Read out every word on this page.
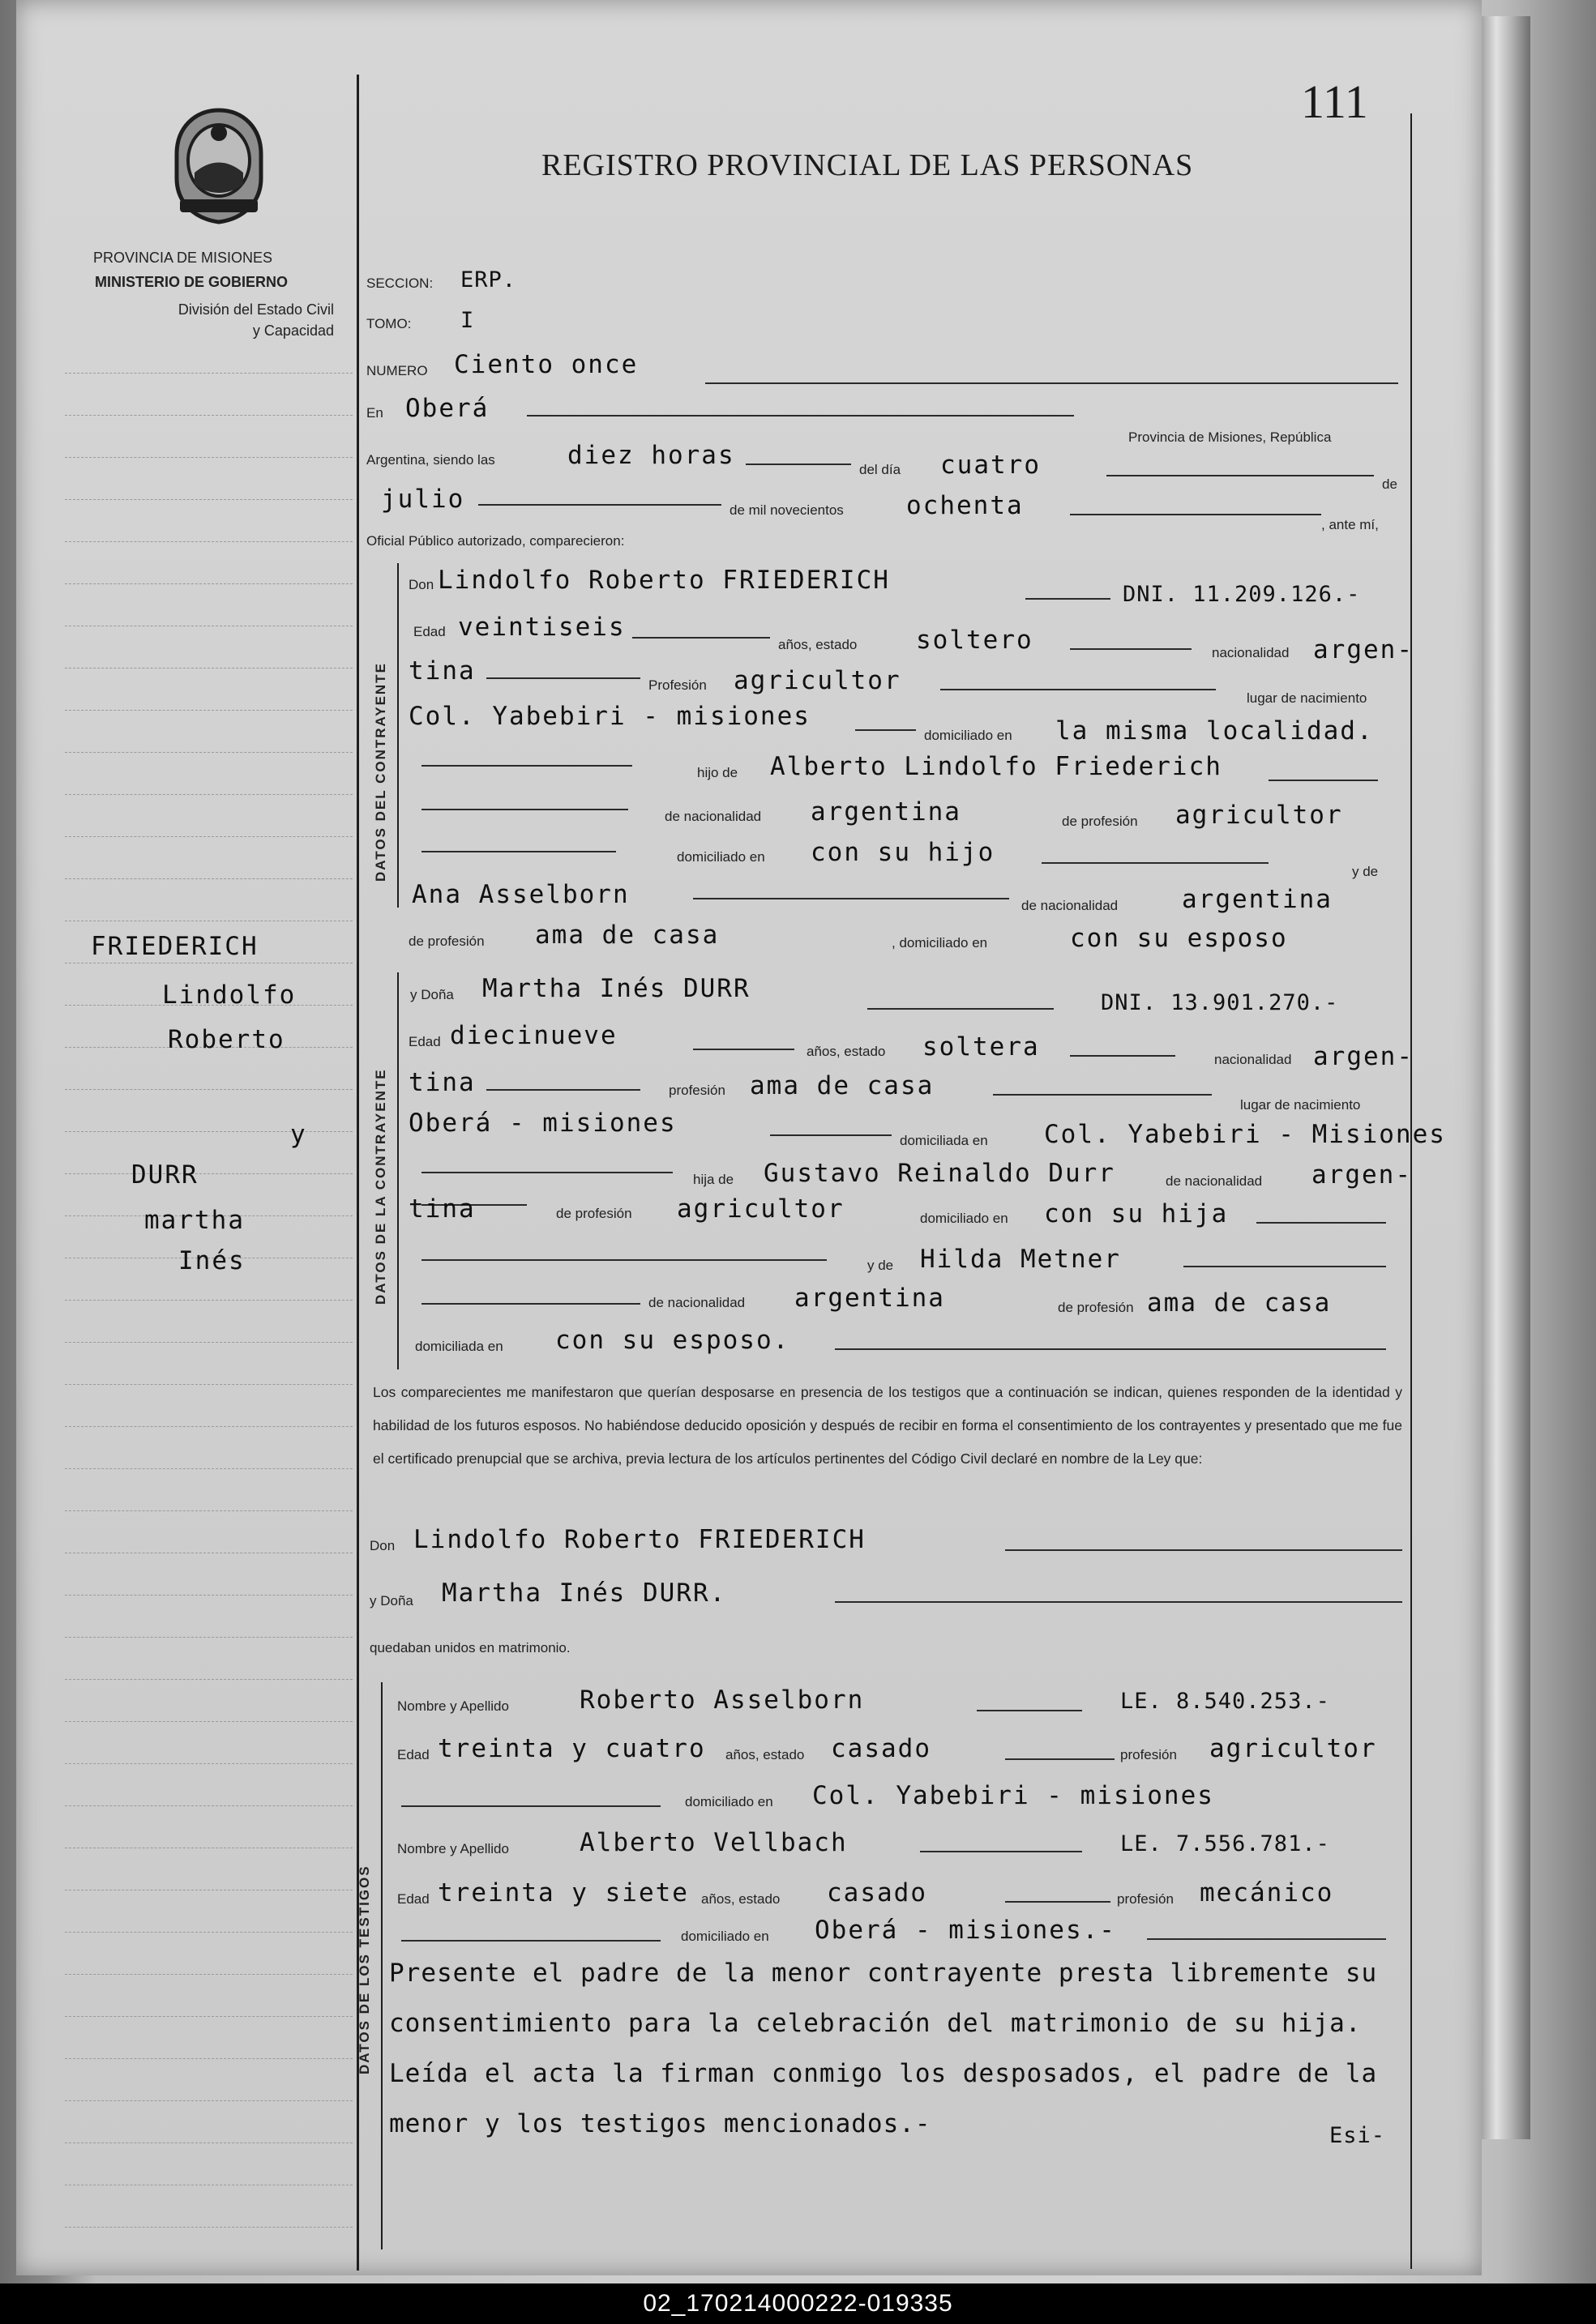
PROVINCIA DE MISIONES
MINISTERIO DE GOBIERNO
División del Estado Civil
y Capacidad
111
REGISTRO PROVINCIAL DE LAS PERSONAS
FRIEDERICH
Lindolfo
Roberto
y
DURR
martha
Inés
SECCION: ERP.
TOMO: I
NUMERO Ciento once
En Oberá
Provincia de Misiones, República
Argentina, siendo las	diez horas	del día cuatro
de
julio	de mil novecientos ochenta
, ante mí,
Oficial Público autorizado, comparecieron:
DATOS DEL CONTRAYENTE
Don Lindolfo Roberto FRIEDERICH	DNI. 11.209.126.-
Edad veintiseis
años, estado soltero	nacionalidad argen-
tina	Profesión agricultor
lugar de nacimiento
Col. Yabebiri - misiones
domiciliado en la misma localidad.
hijo de Alberto Lindolfo Friederich
de nacionalidad argentina	de profesión agricultor
domiciliado en con su hijo
y de
Ana Asselborn	de nacionalidad	argentina
de profesión ama de casa	, domiciliado en	con su esposo
DATOS DE LA CONTRAYENTE
y Doña Martha Inés DURR	DNI. 13.901.270.-
Edad diecinueve
años, estado soltera	nacionalidad argen-
tina	profesión ama de casa
lugar de nacimiento
Oberá - misiones
domiciliada en Col. Yabebiri - Misiones
hija de Gustavo Reinaldo Durr	de nacionalidad argen-
tina	de profesión agricultor	domiciliado en con su hija
y de Hilda Metner
de nacionalidad argentina	de profesión ama de casa
domiciliada en con su esposo.
Los comparecientes me manifestaron que querían desposarse en presencia de los testigos que a continuación se indican, quienes responden de la identidad y habilidad de los futuros esposos. No habiéndose deducido oposición y después de recibir en forma el consentimiento de los contrayentes y presentado que me fue el certificado prenupcial que se archiva, previa lectura de los artículos pertinentes del Código Civil declaré en nombre de la Ley que:
Don Lindolfo Roberto FRIEDERICH
y Doña Martha Inés DURR.
quedaban unidos en matrimonio.
DATOS DE LOS TESTIGOS
Nombre y Apellido	Roberto Asselborn	LE. 8.540.253.-
Edad treinta y cuatro años, estado casado	profesión agricultor
domiciliado en Col. Yabebiri - misiones
Nombre y Apellido	Alberto Vellbach	LE. 7.556.781.-
Edad treinta y siete años, estado casado	profesión mecánico
domiciliado en Oberá - misiones.-
Presente el padre de la menor contrayente presta libremente su consentimiento para la celebración del matrimonio de su hija. Leída el acta la firman conmigo los desposados, el padre de la menor y los testigos mencionados.-	Esi-
02_170214000222-019335
